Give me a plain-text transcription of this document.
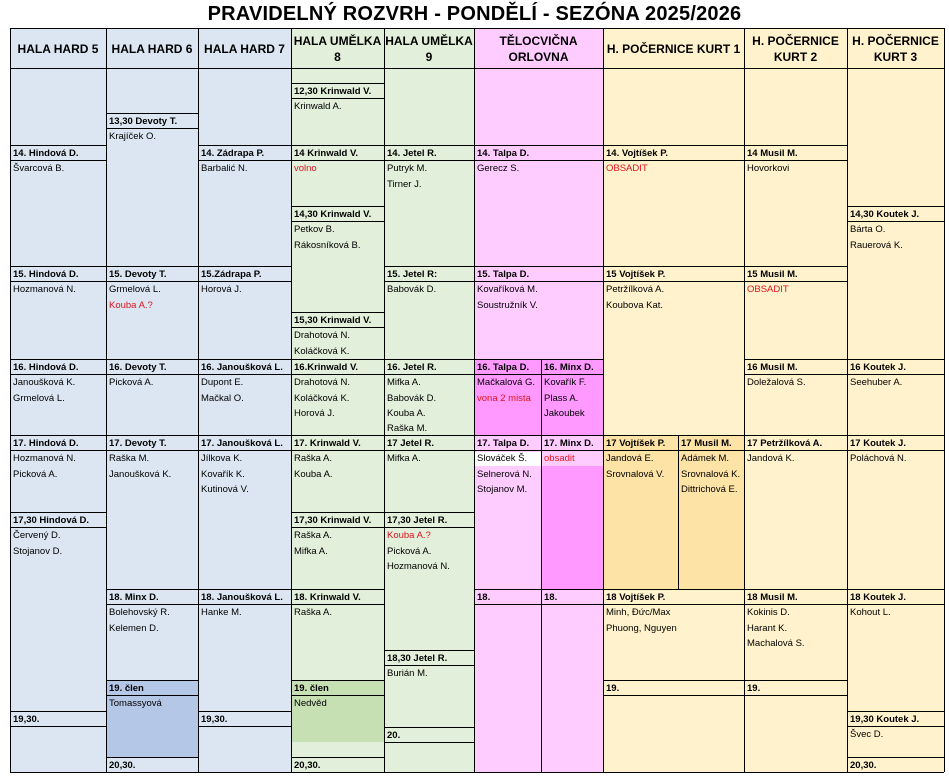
PRAVIDELNÝ ROZVRH - PONDĚLÍ - SEZÓNA 2025/2026
HALA HARD 5	HALA HARD 6 HALA HARD 7
HALA UMĚLKA 8
HALA UMĚLKA 9
TĚLOCVIČNA ORLOVNA
H. POČERNICE KURT 1
H. POČERNICE KURT 2
H. POČERNICE KURT 3
14. Hindová D.
Švarcová B.
15. Hindová D.
Hozmanová N.
16. Hindová D.
Janoušková K.
Grmelová L.
17. Hindová D.
Hozmanová N.
Picková A.
17,30 Hindová D.
Červený D.
Stojanov D.
19,30.
13,30 Devoty T.
Krajíček O.
15. Devoty T.
Grmelová L.
Kouba A.?
16. Devoty T.
Picková A.
17. Devoty T.
Raška M.
Janoušková K.
18. Minx D.
Bolehovský R.
Kelemen D.
19. člen
Tomassyová
20,30.
14. Zádrapa P.
Barbalić N.
15.Zádrapa P.
Horová J.
16. Janoušková L.
Dupont E.
Mačkal O.
17. Janoušková L.
Jílkova K.
Kovařík K.
Kutinová V.
18. Janoušková L.
Hanke M.
19,30.
12,30 Krinwald V.
Krinwald A.
14 Krinwald V.
volno
14,30 Krinwald V.
Petkov B.
Rákosníková B.
15,30 Krinwald V.
Drahotová N.
Koláčková K.
16.Krinwald V.
Drahotová N.
Koláčková K.
Horová J.
17. Krinwald V.
Raška A.
Kouba A.
17,30 Krinwald V.
Raška A.
Mifka A.
18. Krinwald V.
Raška A.
19. člen
Nedvěd
20,30.
14. Jetel R.
Putryk M.
Tirner J.
15. Jetel R:
Babovák D.
16. Jetel R.
Mifka A.
Babovák D.
Kouba A.
Raška M.
17 Jetel R.
Mifka A.
17,30 Jetel R.
Kouba A.?
Picková A.
Hozmanová N.
18,30 Jetel R.
Burián M.
20.
14. Talpa D.
Gerecz S.
15. Talpa D.
Kovaříková M.
Soustružník V.
16. Talpa D.
Mačkalová G.
vona 2 mista
16. Minx D.
Kovařík F.
Plass A.
Jakoubek
17. Talpa D.
Slováček Š.
Selnerová N.
Stojanov M.
17. Minx D.
obsadit
18.	18.
14. Vojtíšek P.
OBSADIT
15 Vojtíšek P.
Petržílková A.
Koubova Kat.
17 Vojtíšek P.
Jandová E.
Srovnalová V.
17 Musil M.
Adámek M.
Srovnalová K.
Dittrichová E.
18 Vojtíšek P.
Minh, Đức/Max
Phuong, Nguyen
19.
14 Musil M.
Hovorkovi
15 Musil M.
OBSADIT
16 Musil M.
Doležalová S.
17 Petržílková A.
Jandová K.
18 Musil M.
Kokinis D.
Harant K.
Machalová S.
19.
14,30 Koutek J.
Bárta O.
Rauerová K.
16 Koutek J.
Seehuber A.
17 Koutek J.
Poláchová N.
18 Koutek J.
Kohout L.
19,30 Koutek J.
Švec D.
20,30.
